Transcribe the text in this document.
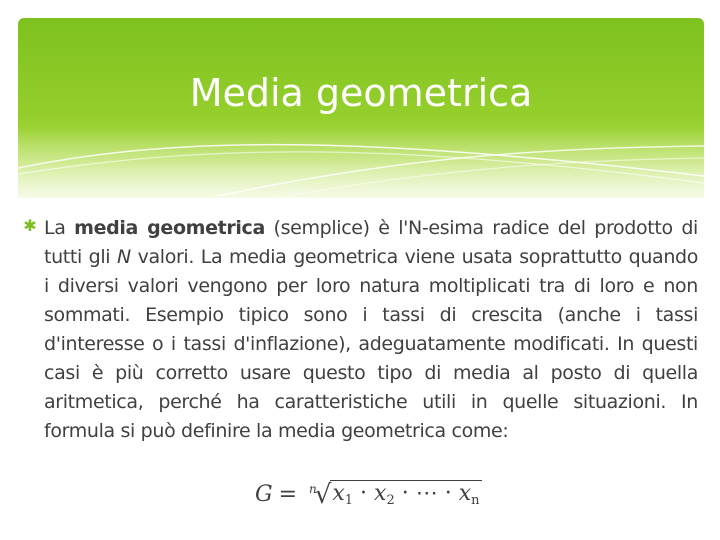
Media geometrica
✱ La media geometrica (semplice) è l'N-esima radice del prodotto di tutti gli N valori. La media geometrica viene usata soprattutto quando i diversi valori vengono per loro natura moltiplicati tra di loro e non sommati. Esempio tipico sono i tassi di crescita (anche i tassi d'interesse o i tassi d'inflazione), adeguatamente modificati. In questi casi è più corretto usare questo tipo di media al posto di quella aritmetica, perché ha caratteristiche utili in quelle situazioni. In formula si può definire la media geometrica come:

G = n
√ $x_1 \cdot x_2$ · ⋯ · $x_n$
